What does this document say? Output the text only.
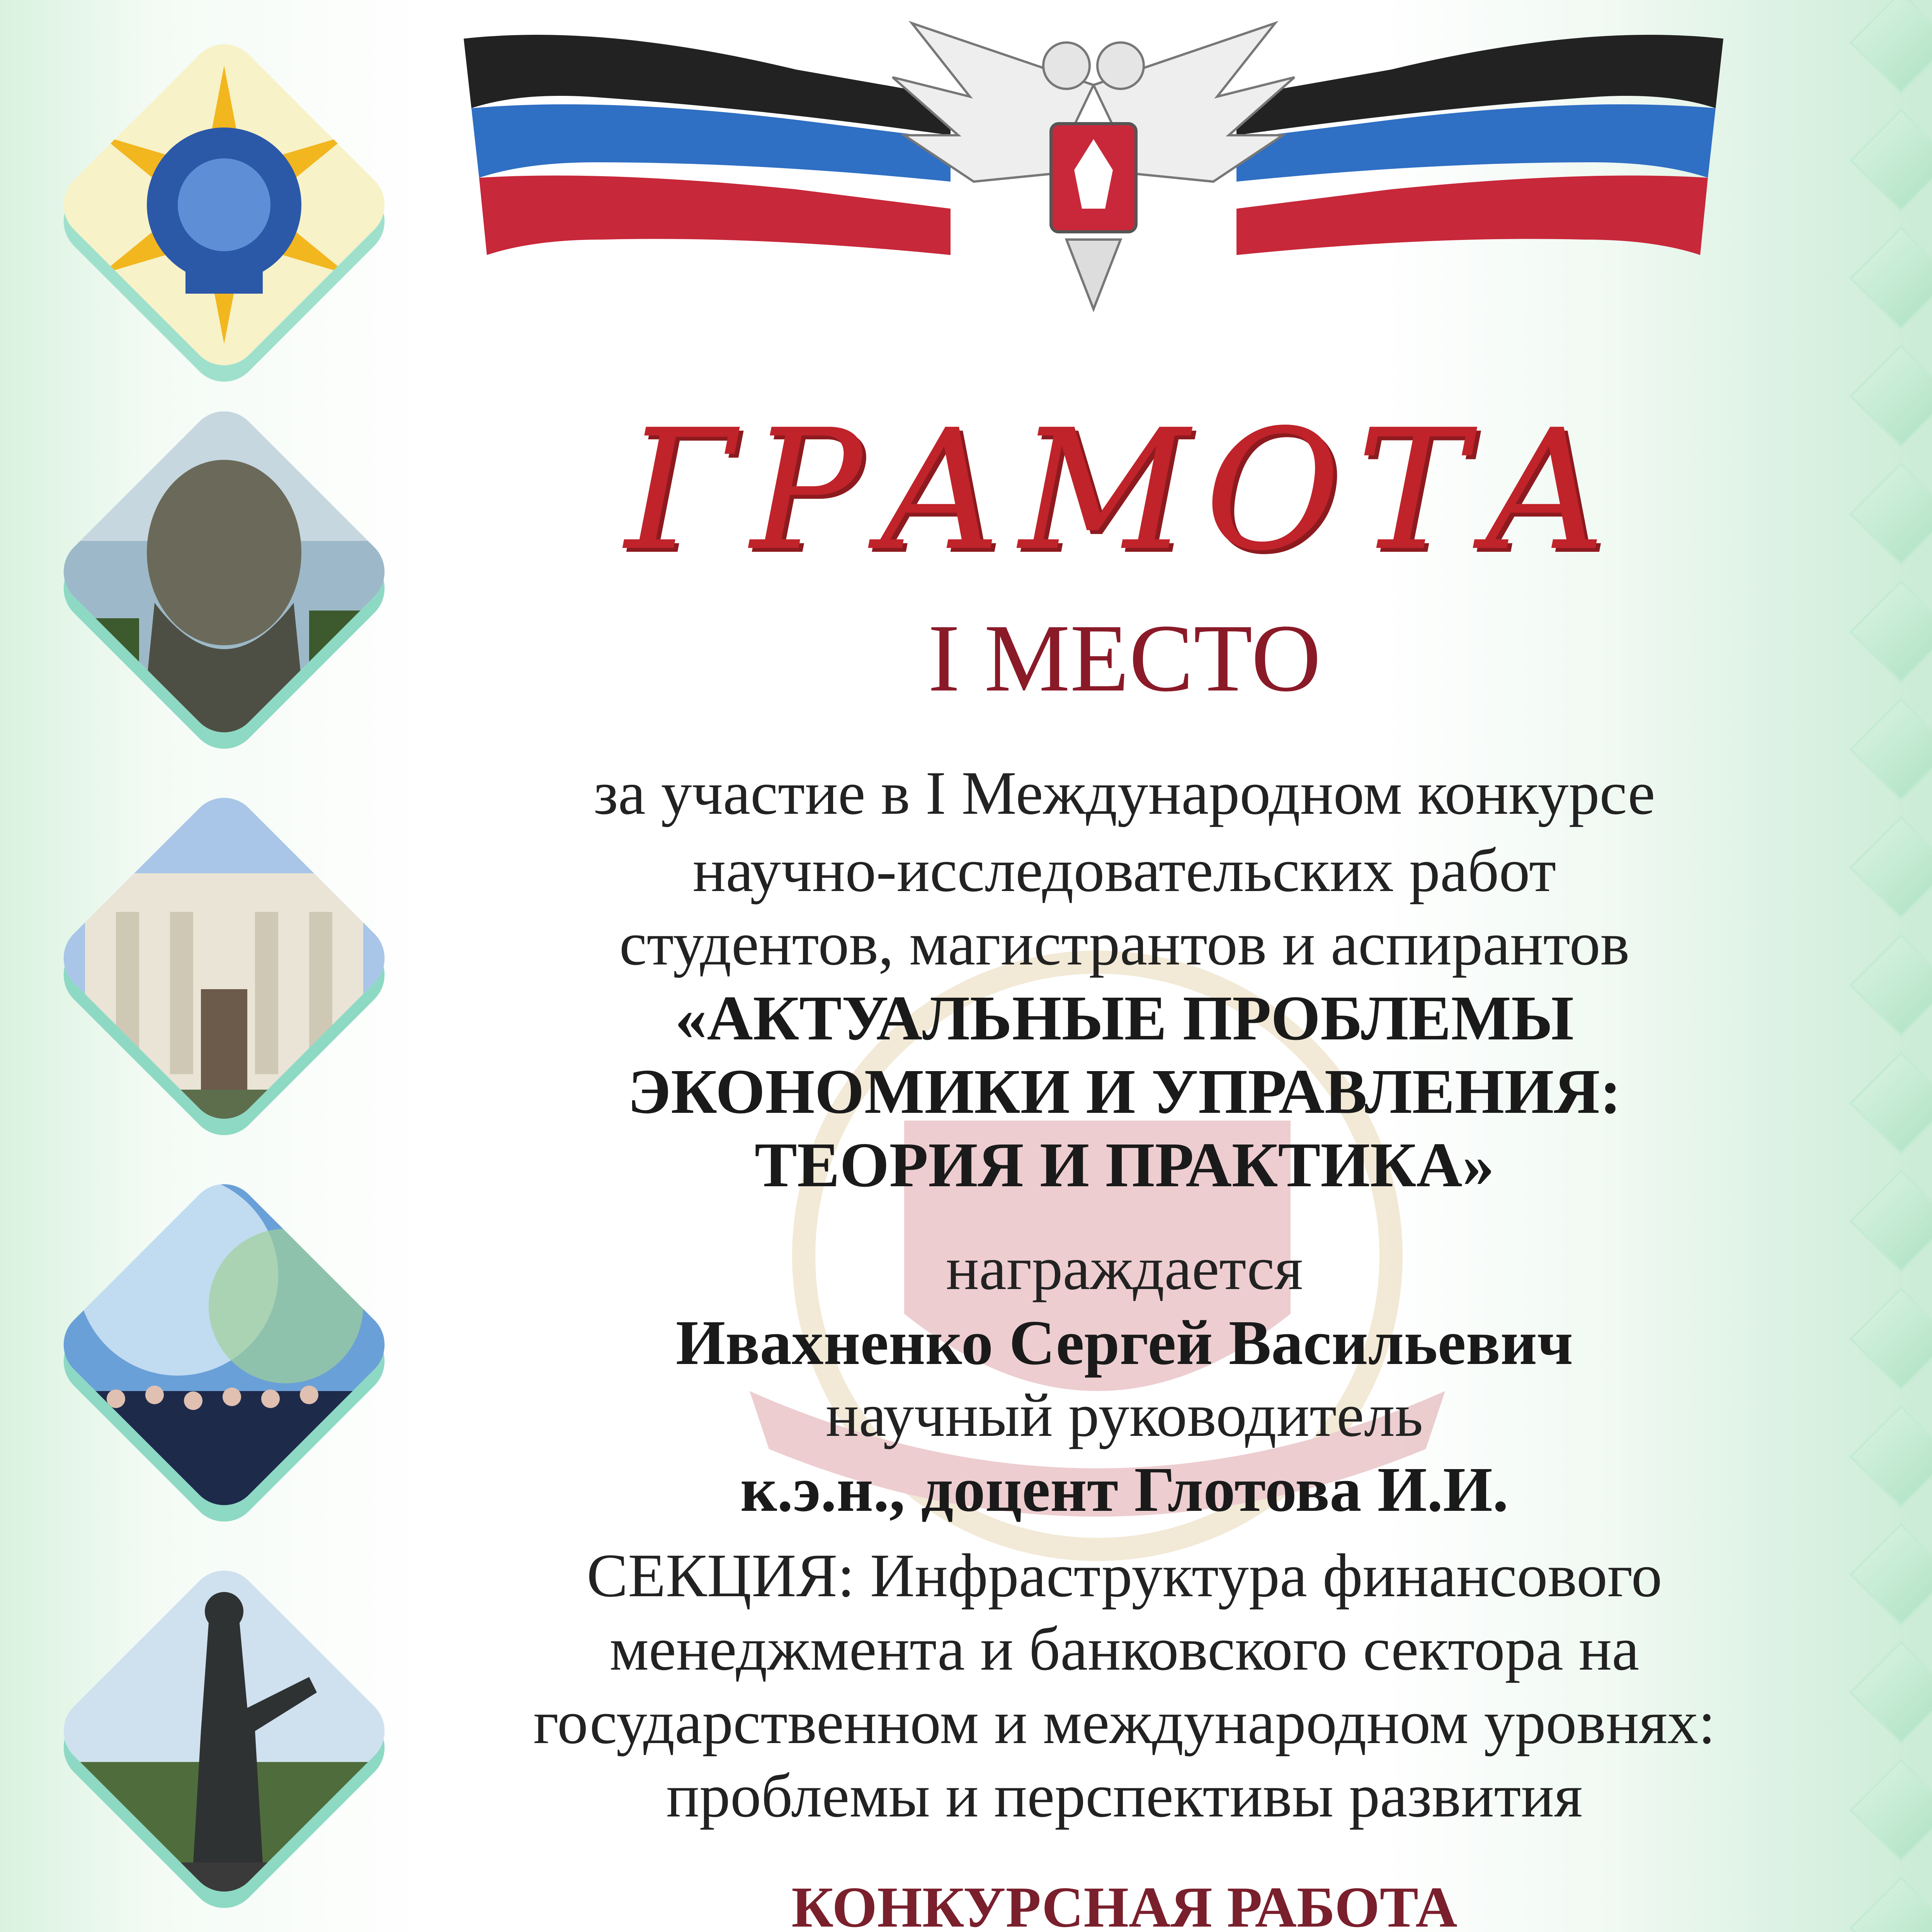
ГРАМОТА
I МЕСТО
за участие в I Международном конкурсе
научно-исследовательских работ
студентов, магистрантов и аспирантов
«АКТУАЛЬНЫЕ ПРОБЛЕМЫ
ЭКОНОМИКИ И УПРАВЛЕНИЯ:
ТЕОРИЯ И ПРАКТИКА»
награждается
Ивахненко Сергей Васильевич
научный руководитель
к.э.н., доцент Глотова И.И.
СЕКЦИЯ: Инфраструктура финансового
менеджмента и банковского сектора на
государственном и международном уровнях:
проблемы и перспективы развития
КОНКУРСНАЯ РАБОТА
